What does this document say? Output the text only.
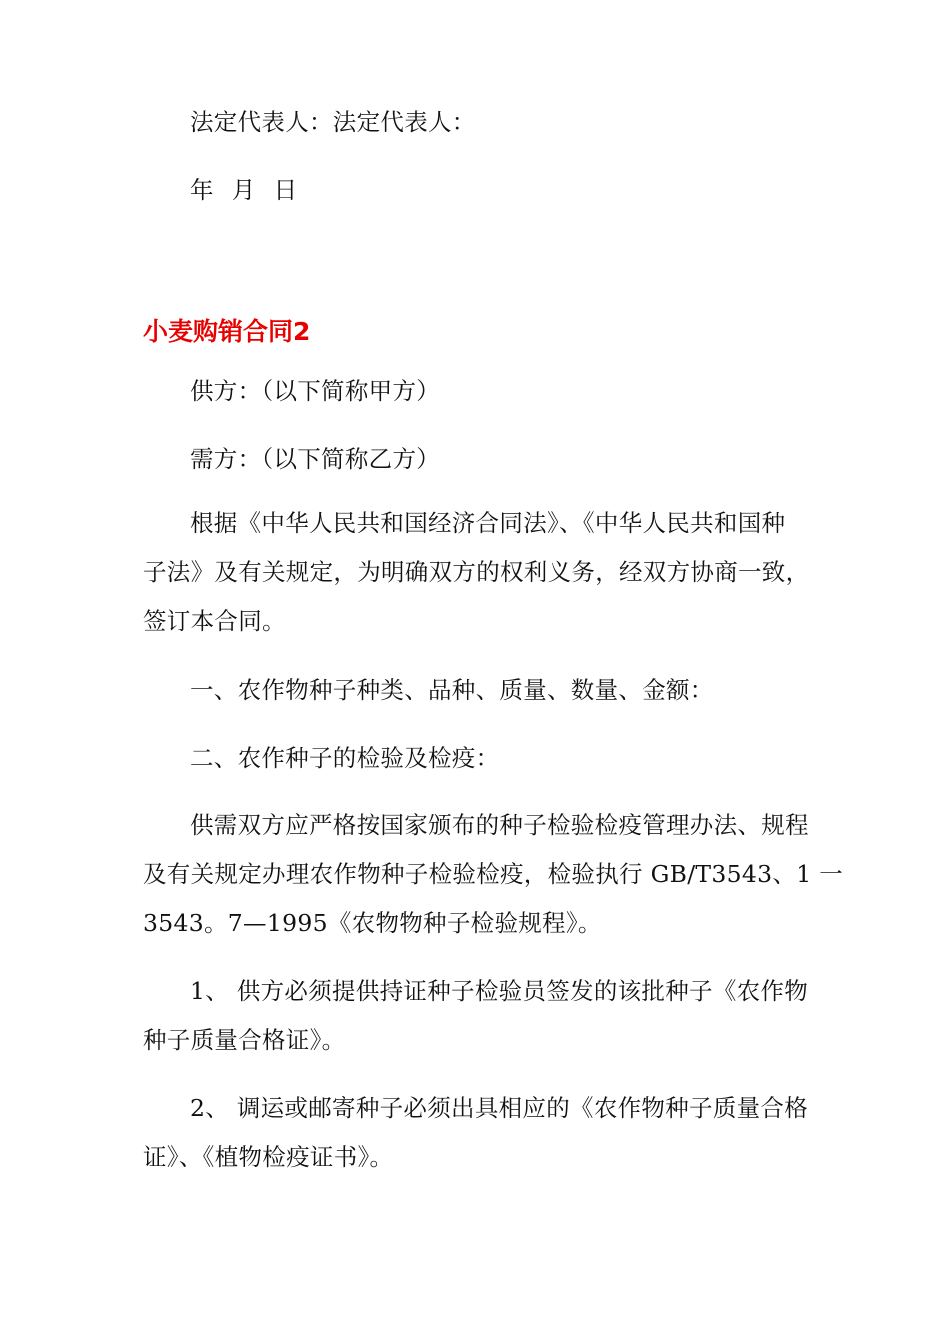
法定代表人：法定代表人：
年 月 日
小麦购销合同2
供方：（以下简称甲方）
需方：（以下简称乙方）
根据《中华人民共和国经济合同法》、《中华人民共和国种
子法》及有关规定，为明确双方的权利义务，经双方协商一致，
签订本合同。
一、农作物种子种类、品种、质量、数量、金额：
二、农作种子的检验及检疫：
供需双方应严格按国家颁布的种子检验检疫管理办法、规程
及有关规定办理农作物种子检验检疫，检验执行 GB/T3543、1 一
3543。7—1995《农物物种子检验规程》。
1、 供方必须提供持证种子检验员签发的该批种子《农作物
种子质量合格证》。
2、 调运或邮寄种子必须出具相应的《农作物种子质量合格
证》、《植物检疫证书》。
